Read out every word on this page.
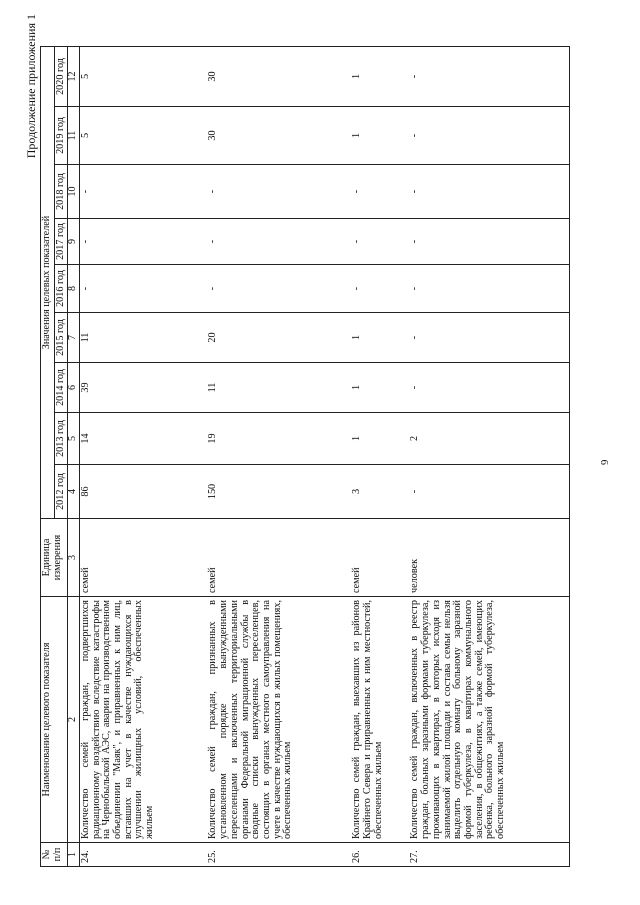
6
Продолжение приложения 1
№ п/п	Наименование целевого показателя	Единица измерения	Значения целевых показателей								
			2012 год	2013 год	2014 год	2015 год	2016 год	2017 год	2018 год	2019 год	2020 год
1	2	3	4	5	6	7	8	9	10	11	12
24.	Количество семей граждан, подвергшихся радиационному воздействию вследствие катастрофы на Чернобыльской АЭС, аварии на производственном объединении "Маяк", и приравненных к ним лиц, вставших на учет в качестве нуждающихся в улучшении жилищных условий, обеспеченных жильем	семей	86	14	39	11	-	-	-	5	5
25.	Количество семей граждан, признанных в установленном порядке вынужденными переселенцами и включенных территориальными органами Федеральной миграционной службы в сводные списки вынужденных переселенцев, состоящих в органах местного самоуправления на учете в качестве нуждающихся в жилых помещениях, обеспеченных жильем	семей	150	19	11	20	-	-	-	30	30
26.	Количество семей граждан, выехавших из районов Крайнего Севера и приравненных к ним местностей, обеспеченных жильем	семей	3	1	1	1	-	-	-	1	1
27.	Количество семей граждан, включенных в реестр граждан, больных заразными формами туберкулеза, проживающих в квартирах, в которых исходя из занимаемой жилой площади и состава семьи нельзя выделить отдельную комнату больному заразной формой туберкулеза, в квартирах коммунального заселения, в общежитиях, а также семей, имеющих ребенка, больного заразной формой туберкулеза, обеспеченных жильем	человек	-	2	-	-	-	-	-	-	-
